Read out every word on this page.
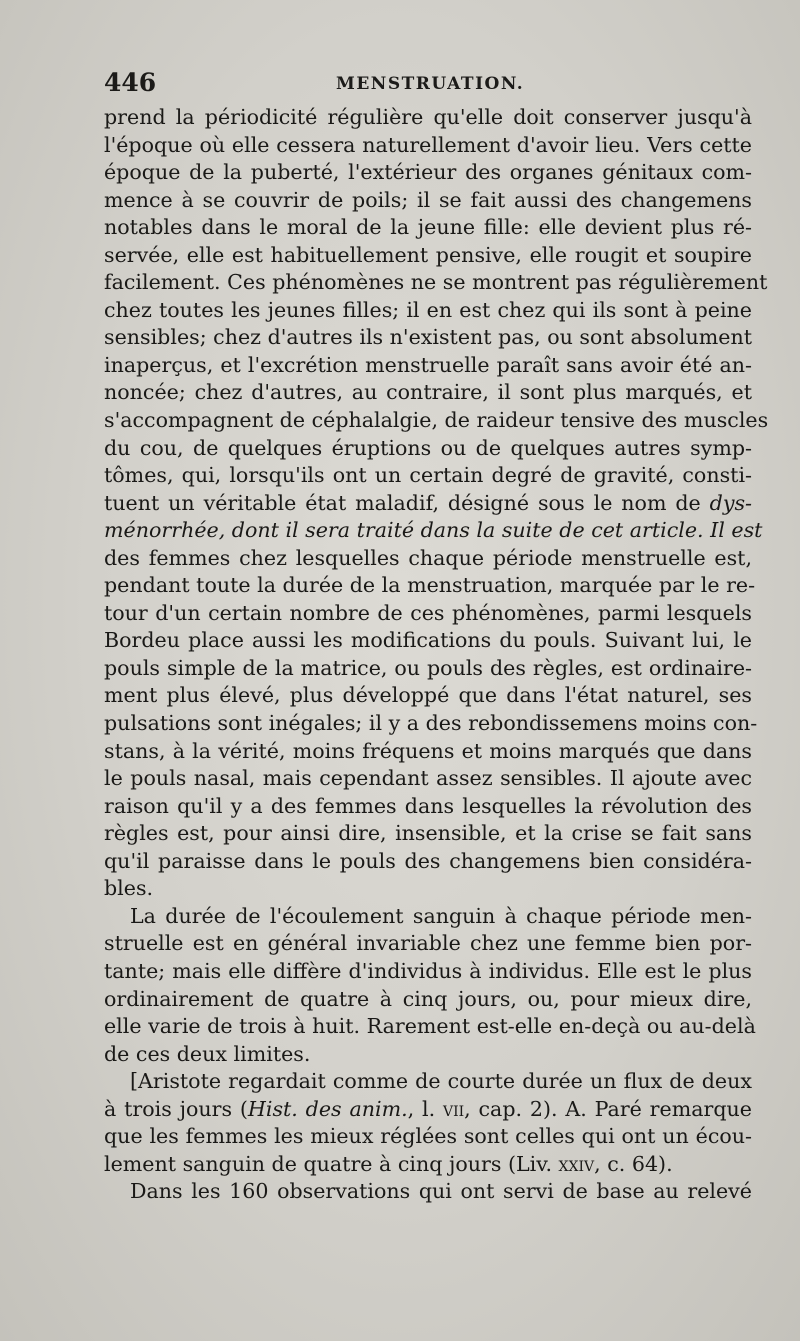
446	MENSTRUATION.
prend la périodicité régulière qu'elle doit conserver jusqu'à
l'époque où elle cessera naturellement d'avoir lieu. Vers cette
époque de la puberté, l'extérieur des organes génitaux com-
mence à se couvrir de poils; il se fait aussi des changemens
notables dans le moral de la jeune fille: elle devient plus ré-
servée, elle est habituellement pensive, elle rougit et soupire
facilement. Ces phénomènes ne se montrent pas régulièrement
chez toutes les jeunes filles; il en est chez qui ils sont à peine
sensibles; chez d'autres ils n'existent pas, ou sont absolument
inaperçus, et l'excrétion menstruelle paraît sans avoir été an-
noncée; chez d'autres, au contraire, il sont plus marqués, et
s'accompagnent de céphalalgie, de raideur tensive des muscles
du cou, de quelques éruptions ou de quelques autres symp-
tômes, qui, lorsqu'ils ont un certain degré de gravité, consti-
tuent un véritable état maladif, désigné sous le nom de dys-
ménorrhée, dont il sera traité dans la suite de cet article. Il est
des femmes chez lesquelles chaque période menstruelle est,
pendant toute la durée de la menstruation, marquée par le re-
tour d'un certain nombre de ces phénomènes, parmi lesquels
Bordeu place aussi les modifications du pouls. Suivant lui, le
pouls simple de la matrice, ou pouls des règles, est ordinaire-
ment plus élevé, plus développé que dans l'état naturel, ses
pulsations sont inégales; il y a des rebondissemens moins con-
stans, à la vérité, moins fréquens et moins marqués que dans
le pouls nasal, mais cependant assez sensibles. Il ajoute avec
raison qu'il y a des femmes dans lesquelles la révolution des
règles est, pour ainsi dire, insensible, et la crise se fait sans
qu'il paraisse dans le pouls des changemens bien considéra-
bles.
La durée de l'écoulement sanguin à chaque période men-
struelle est en général invariable chez une femme bien por-
tante; mais elle diffère d'individus à individus. Elle est le plus
ordinairement de quatre à cinq jours, ou, pour mieux dire,
elle varie de trois à huit. Rarement est-elle en-deçà ou au-delà
de ces deux limites.
[Aristote regardait comme de courte durée un flux de deux
à trois jours (Hist. des anim., l. vii, cap. 2). A. Paré remarque
que les femmes les mieux réglées sont celles qui ont un écou-
lement sanguin de quatre à cinq jours (Liv. xxiv, c. 64).
Dans les 160 observations qui ont servi de base au relevé
